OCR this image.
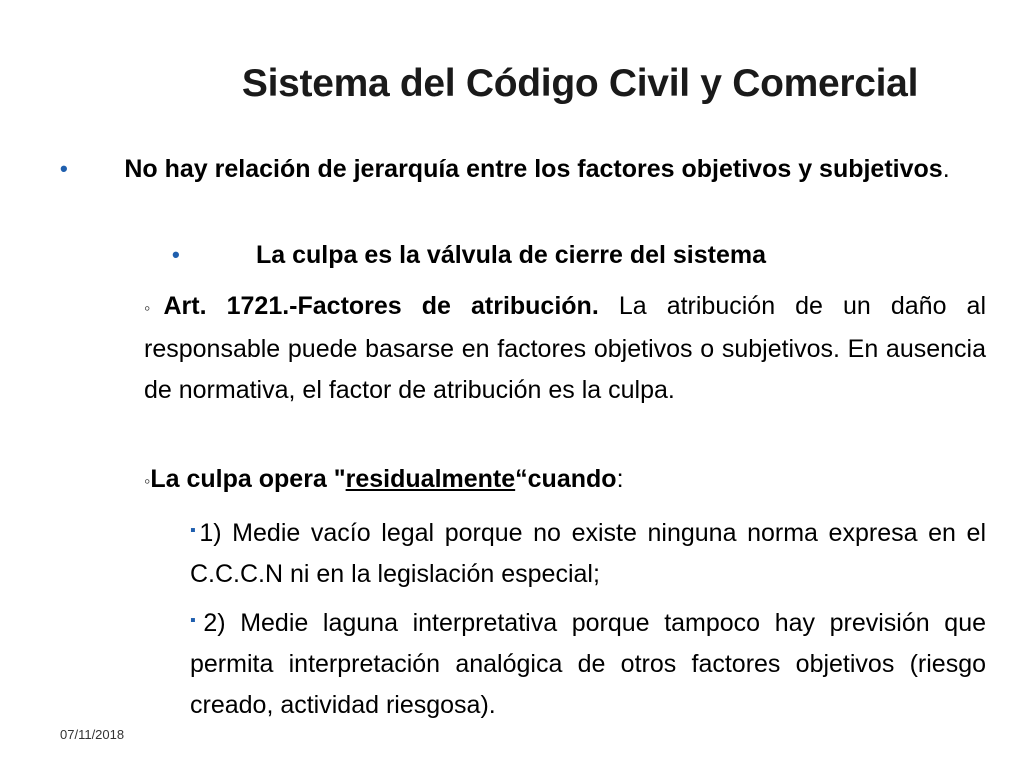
Sistema del Código Civil y Comercial
•	No hay relación de jerarquía entre los factores objetivos y subjetivos.
•	La culpa es la válvula de cierre del sistema
◦Art. 1721.-Factores de atribución. La atribución de un daño al responsable puede basarse en factores objetivos o subjetivos. En ausencia de normativa, el factor de atribución es la culpa.
◦La culpa opera "residualmente“cuando:
▪1) Medie vacío legal porque no existe ninguna norma expresa en el C.C.C.N ni en la legislación especial;
▪2) Medie laguna interpretativa porque tampoco hay previsión que permita interpretación analógica de otros factores objetivos (riesgo creado, actividad riesgosa).
07/11/2018
